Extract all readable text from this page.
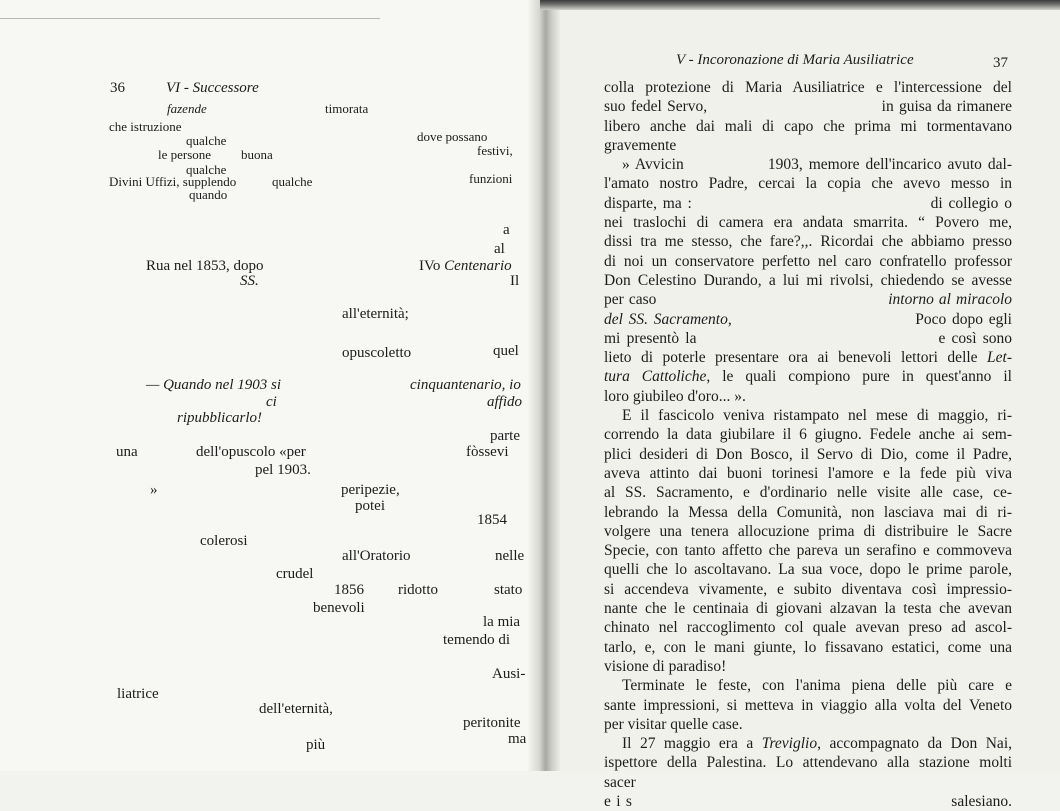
36	VI - Successore
fazende	timorata
che istruzione
qualche	dove possano
le persone buona	festivi,
qualche
Divini Uffizi, supplendo	qualche	funzioni
quando
a
al
Rua nel 1853, dopo	IVo Centenario
SS.	Il
all'eternità;
opuscoletto	quel
— Quando nel 1903 si	cinquantenario, io
ci	affido
ripubblicarlo!
parte
una	dell'opuscolo «per	fòssevi
pel 1903.
»	peripezie,
potei
1854
colerosi
all'Oratorio	nelle
crudel
1856 ridotto	stato
benevoli
la mia
temendo di
Ausi-
liatrice
dell'eternità,
peritonite
ma
più
V - Incoronazione di Maria Ausiliatrice	37
colla protezione di Maria Ausiliatrice e l'intercessione del
suo fedel Servo,                                 in guisa da rimanere
libero anche dai mali di capo che prima mi tormentavano
gravemente
» Avvicin              1903, memore dell'incarico avuto dal-
l'amato nostro Padre, cercai la copia che avevo messo in
disparte, ma :                                         di collegio o
nei traslochi di camera era andata smarrita. “ Povero me,
dissi tra me stesso, che fare?,,. Ricordai che abbiamo presso
di noi un conservatore perfetto nel caro confratello professor
Don Celestino Durando, a lui mi rivolsi, chiedendo se avesse
per caso                                              intorno al miracolo
del SS. Sacramento,                                Poco dopo egli
mi presentò la                                       e così sono
lieto di poterle presentare ora ai benevoli lettori delle Let-
tura Cattoliche, le quali compiono pure in quest'anno il
loro giubileo d'oro... ».
E il fascicolo veniva ristampato nel mese di maggio, ri-
correndo la data giubilare il 6 giugno. Fedele anche ai sem-
plici desideri di Don Bosco, il Servo di Dio, come il Padre,
aveva attinto dai buoni torinesi l'amore e la fede più viva
al SS. Sacramento, e d'ordinario nelle visite alle case, ce-
lebrando la Messa della Comunità, non lasciava mai di ri-
volgere una tenera allocuzione prima di distribuire le Sacre
Specie, con tanto affetto che pareva un serafino e commoveva
quelli che lo ascoltavano. La sua voce, dopo le prime parole,
si accendeva vivamente, e subito diventava così impressio-
nante che le centinaia di giovani alzavan la testa che avevan
chinato nel raccoglimento col quale avevan preso ad ascol-
tarlo, e, con le mani giunte, lo fissavano estatici, come una
visione di paradiso!
Terminate le feste, con l'anima piena delle più care e
sante impressioni, si metteva in viaggio alla volta del Veneto
per visitar quelle case.
Il 27 maggio era a Treviglio, accompagnato da Don Nai,
ispettore della Palestina. Lo attendevano alla stazione molti
sacer
e i s                                                            salesiano.
